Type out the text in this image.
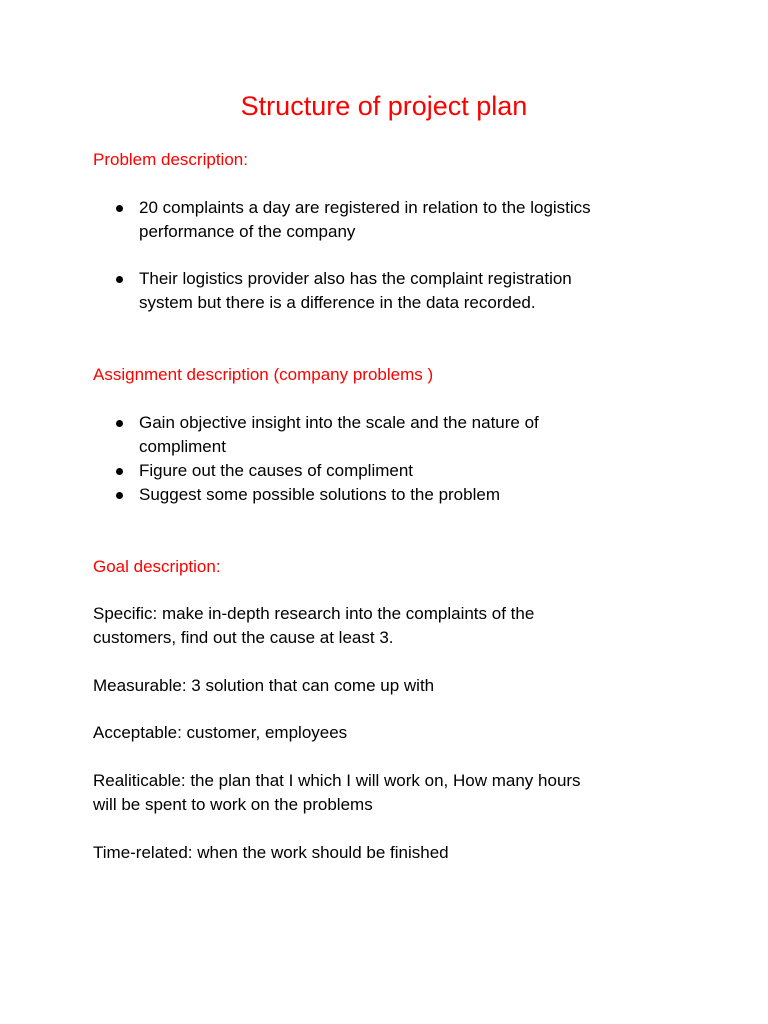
Structure of project plan
Problem description:
20 complaints a day are registered in relation to the logistics
performance of the company
Their logistics provider also has the complaint registration
system but there is a difference in the data recorded.
Assignment description (company problems )
Gain objective insight into the scale and the nature of
compliment
Figure out the causes of compliment
Suggest some possible solutions to the problem
Goal description:
Specific: make in-depth research into the complaints of the
customers, find out the cause at least 3.
Measurable: 3 solution that can come up with
Acceptable: customer, employees
Realiticable: the plan that I which I will work on, How many hours
will be spent to work on the problems
Time-related: when the work should be finished
